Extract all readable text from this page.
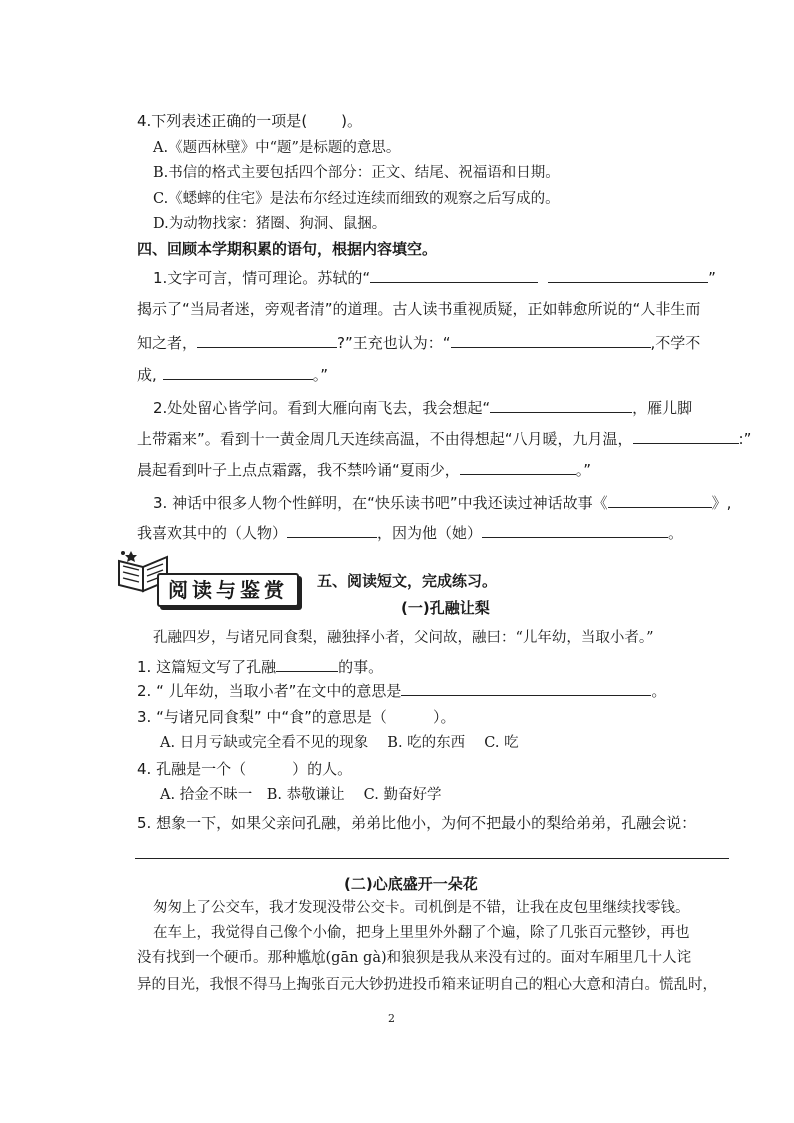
4.下列表述正确的一项是( )。
A.《题西林壁》中“题”是标题的意思。
B.书信的格式主要包括四个部分：正文、结尾、祝福语和日期。
C.《蟋蟀的住宅》是法布尔经过连续而细致的观察之后写成的。
D.为动物找家：猪圈、狗洞、鼠捆。
四、回顾本学期积累的语句，根据内容填空。
1.文字可言，情可理论。苏轼的“	”
揭示了“当局者迷，旁观者清”的道理。古人读书重视质疑，正如韩愈所说的“人非生而
知之者，	?”王充也认为：“	,不学不
成,	。”
2.处处留心皆学问。看到大雁向南飞去，我会想起“	，雁儿脚
上带霜来”。看到十一黄金周几天连续高温，不由得想起“八月暖，九月温，	:”
晨起看到叶子上点点霜露，我不禁吟诵“夏雨少，	。”
3. 神话中很多人物个性鲜明，在“快乐读书吧”中我还读过神话故事《	》,
我喜欢其中的（人物）	，因为他（她）	。
阅读与鉴赏	五、阅读短文，完成练习。
(一)孔融让梨
孔融四岁，与诸兄同食梨，融独择小者，父问故，融曰：“儿年幼，当取小者。”
1. 这篇短文写了孔融	的事。
2. “ 儿年幼，当取小者”在文中的意思是	。
3. “与诸兄同食梨” 中“食”的意思是（	）。
A. 日月亏缺或完全看不见的现象　 B. 吃的东西　 C. 吃
4. 孔融是一个（	）的人。
A. 拾金不昧一　B. 恭敬谦让　 C. 勤奋好学
5. 想象一下，如果父亲问孔融，弟弟比他小，为何不把最小的梨给弟弟，孔融会说：
(二)心底盛开一朵花
匆匆上了公交车，我才发现没带公交卡。司机倒是不错，让我在皮包里继续找零钱。
在车上，我觉得自己像个小偷，把身上里里外外翻了个遍，除了几张百元整钞，再也
没有找到一个硬币。那种尴尬(gān gà)和狼狈是我从来没有过的。面对车厢里几十人诧
异的目光，我恨不得马上掏张百元大钞扔进投币箱来证明自己的粗心大意和清白。慌乱时，
2
